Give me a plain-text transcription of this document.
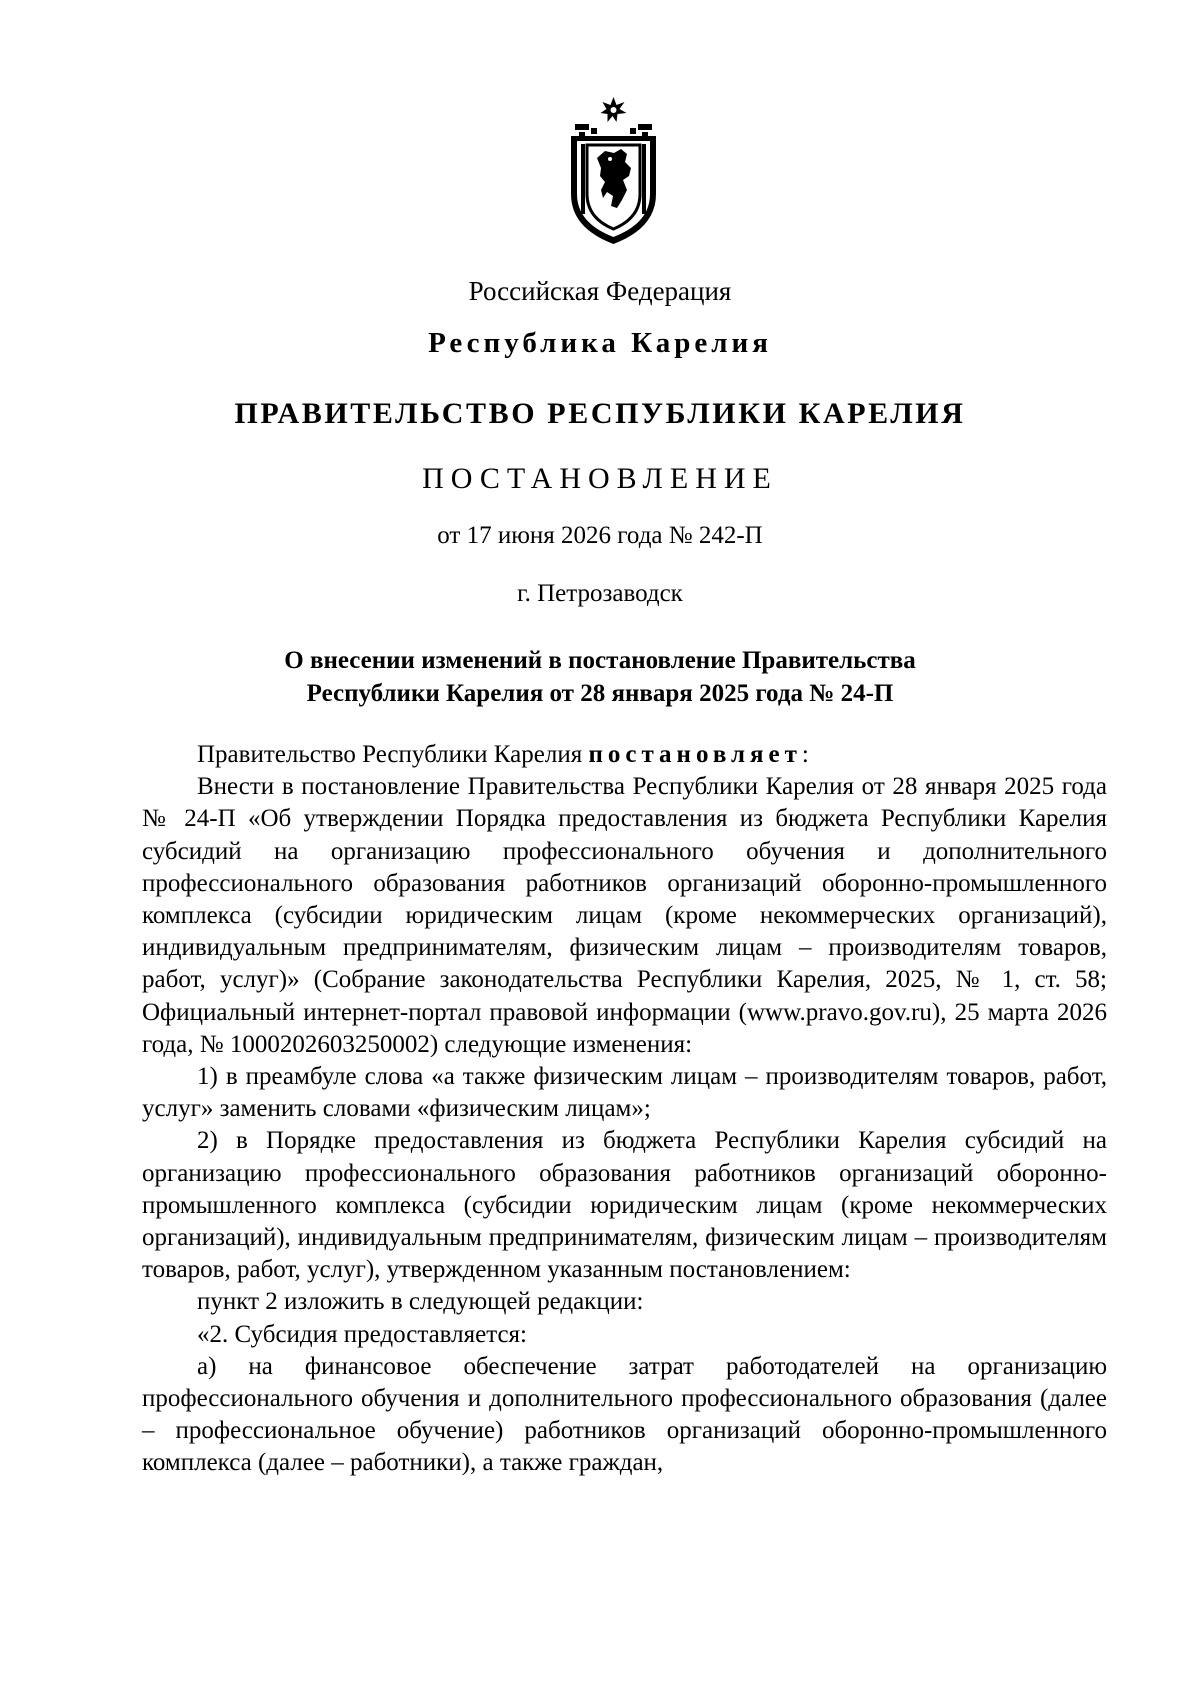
Российская Федерация

Республика Карелия

ПРАВИТЕЛЬСТВО РЕСПУБЛИКИ КАРЕЛИЯ

ПОСТАНОВЛЕНИЕ

от 17 июня 2026 года № 242-П

г. Петрозаводск

О внесении изменений в постановление Правительства
Республики Карелия от 28 января 2025 года № 24-П

Правительство Республики Карелия постановляет:

Внести в постановление Правительства Республики Карелия от 28 января 2025 года № 24-П «Об утверждении Порядка предоставления из бюджета Республики Карелия субсидий на организацию профессионального обучения и дополнительного профессионального образования работников организаций оборонно-промышленного комплекса (субсидии юридическим лицам (кроме некоммерческих организаций), индивидуальным предпринимателям, физическим лицам – производителям товаров, работ, услуг)» (Собрание законодательства Республики Карелия, 2025, № 1, ст. 58; Официальный интернет-портал правовой информации (www.pravo.gov.ru), 25 марта 2026 года, № 1000202603250002) следующие изменения:

1) в преамбуле слова «а также физическим лицам – производителям товаров, работ, услуг» заменить словами «физическим лицам»;

2) в Порядке предоставления из бюджета Республики Карелия субсидий на организацию профессионального образования работников организаций оборонно-промышленного комплекса (субсидии юридическим лицам (кроме некоммерческих организаций), индивидуальным предпринимателям, физическим лицам – производителям товаров, работ, услуг), утвержденном указанным постановлением:

пункт 2 изложить в следующей редакции:

«2. Субсидия предоставляется:

а) на финансовое обеспечение затрат работодателей на организацию профессионального обучения и дополнительного профессионального образования (далее – профессиональное обучение) работников организаций оборонно-промышленного комплекса (далее – работники), а также граждан,
